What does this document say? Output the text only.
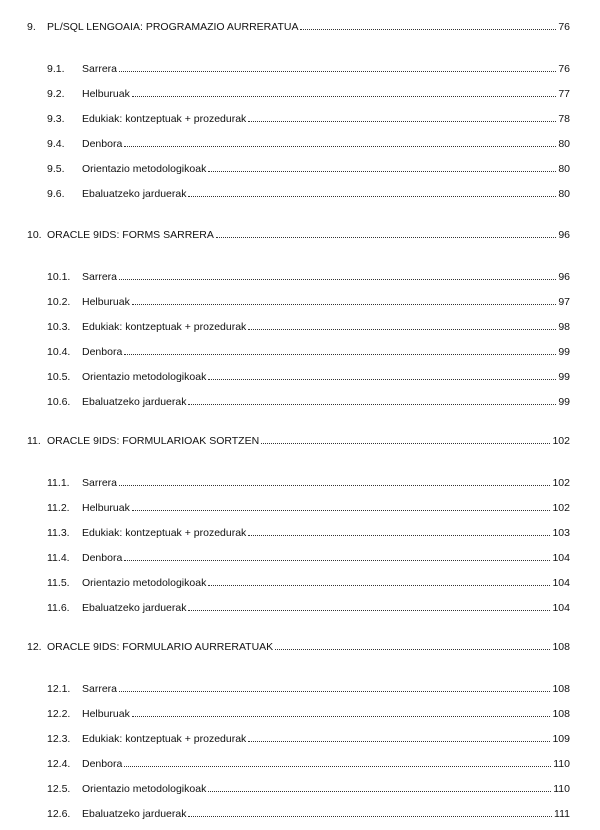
9. PL/SQL LENGOAIA: PROGRAMAZIO AURRERATUA	76
9.1. Sarrera	76
9.2. Helburuak	77
9.3. Edukiak: kontzeptuak + prozedurak	78
9.4. Denbora	80
9.5. Orientazio metodologikoak	80
9.6. Ebaluatzeko jarduerak	80
10. ORACLE 9IDS: FORMS SARRERA	96
10.1. Sarrera	96
10.2. Helburuak	97
10.3. Edukiak: kontzeptuak + prozedurak	98
10.4. Denbora	99
10.5. Orientazio metodologikoak	99
10.6. Ebaluatzeko jarduerak	99
11. ORACLE 9IDS: FORMULARIOAK SORTZEN	102
11.1. Sarrera	102
11.2. Helburuak	102
11.3. Edukiak: kontzeptuak + prozedurak	103
11.4. Denbora	104
11.5. Orientazio metodologikoak	104
11.6. Ebaluatzeko jarduerak	104
12. ORACLE 9IDS: FORMULARIO AURRERATUAK	108
12.1. Sarrera	108
12.2. Helburuak	108
12.3. Edukiak: kontzeptuak + prozedurak	109
12.4. Denbora	110
12.5. Orientazio metodologikoak	110
12.6. Ebaluatzeko jarduerak	111
